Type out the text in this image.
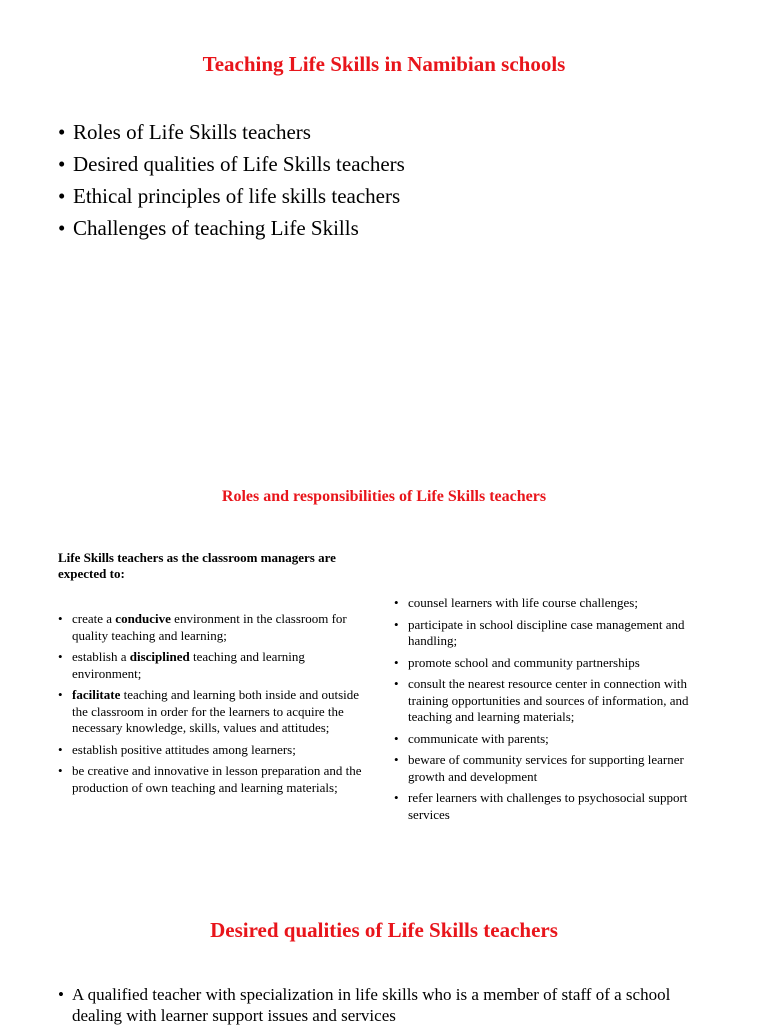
Teaching Life Skills in Namibian schools
• Roles of Life Skills teachers
• Desired qualities of Life Skills teachers
• Ethical principles of life skills teachers
• Challenges of teaching Life Skills
Roles and responsibilities of Life Skills teachers

Life Skills teachers as the classroom managers are expected to:

• create a conducive environment in the classroom for quality teaching and learning;
• establish a disciplined teaching and learning environment;
• facilitate teaching and learning both inside and outside the classroom in order for the learners to acquire the necessary knowledge, skills, values and attitudes;
• establish positive attitudes among learners;
• be creative and innovative in lesson preparation and the production of own teaching and learning materials;
• counsel learners with life course challenges;
• participate in school discipline case management and handling;
• promote school and community partnerships
• consult the nearest resource center in connection with training opportunities and sources of information, and teaching and learning materials;
• communicate with parents;
• beware of community services for supporting learner growth and development
• refer learners with challenges to psychosocial support services
Desired qualities of Life Skills teachers
• A qualified teacher with specialization in life skills who is a member of staff of a school dealing with learner support issues and services
